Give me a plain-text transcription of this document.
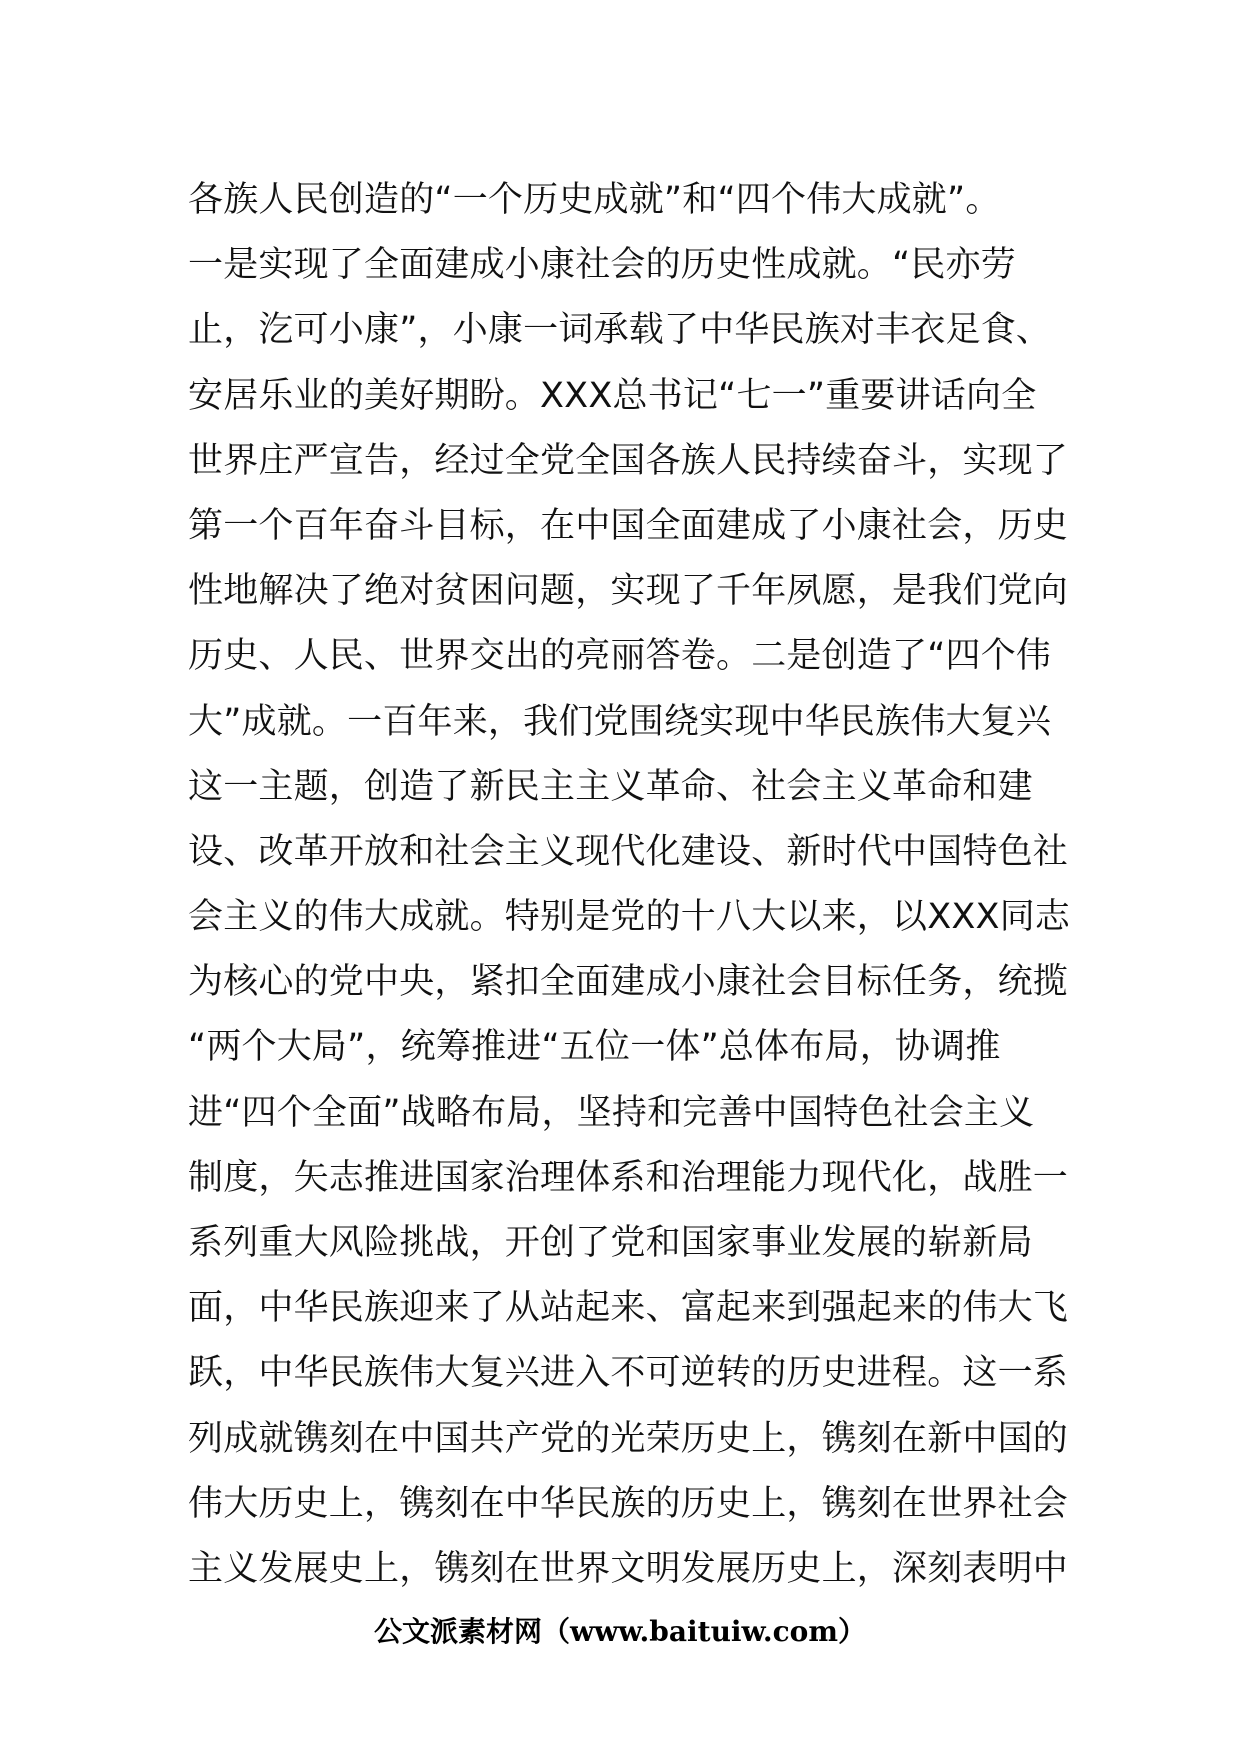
各族人民创造的“一个历史成就”和“四个伟大成就”。
一是实现了全面建成小康社会的历史性成就。“民亦劳
止，汔可小康”，小康一词承载了中华民族对丰衣足食、
安居乐业的美好期盼。XXX总书记“七一”重要讲话向全
世界庄严宣告，经过全党全国各族人民持续奋斗，实现了
第一个百年奋斗目标，在中国全面建成了小康社会，历史
性地解决了绝对贫困问题，实现了千年夙愿，是我们党向
历史、人民、世界交出的亮丽答卷。二是创造了“四个伟
大”成就。一百年来，我们党围绕实现中华民族伟大复兴
这一主题，创造了新民主主义革命、社会主义革命和建
设、改革开放和社会主义现代化建设、新时代中国特色社
会主义的伟大成就。特别是党的十八大以来，以XXX同志
为核心的党中央，紧扣全面建成小康社会目标任务，统揽
“两个大局”，统筹推进“五位一体”总体布局，协调推
进“四个全面”战略布局，坚持和完善中国特色社会主义
制度，矢志推进国家治理体系和治理能力现代化，战胜一
系列重大风险挑战，开创了党和国家事业发展的崭新局
面，中华民族迎来了从站起来、富起来到强起来的伟大飞
跃，中华民族伟大复兴进入不可逆转的历史进程。这一系
列成就镌刻在中国共产党的光荣历史上，镌刻在新中国的
伟大历史上，镌刻在中华民族的历史上，镌刻在世界社会
主义发展史上，镌刻在世界文明发展历史上，深刻表明中
公文派素材网（www.baituiw.com）
